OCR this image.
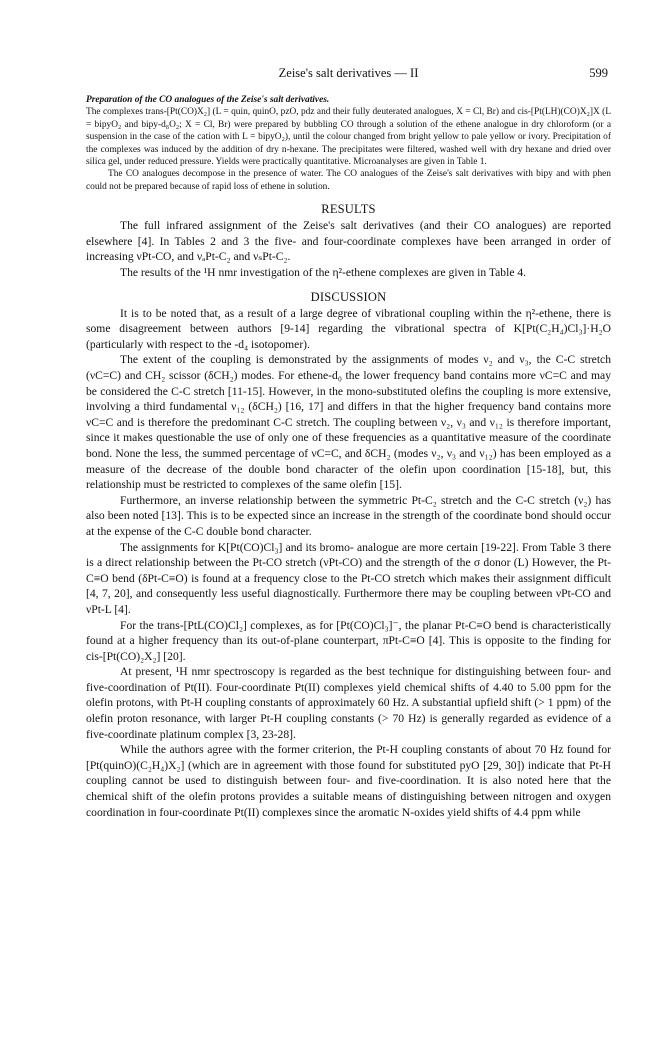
Zeise's salt derivatives — II	599

Preparation of the CO analogues of the Zeise's salt derivatives.

The complexes trans-[Pt(CO)X₂] (L = quin, quinO, pzO, pdz and their fully deuterated analogues, X = Cl, Br) and cis-[Pt(LH)(CO)X₂]X (L = bipyO₂ and bipy-d₈O₂; X = Cl, Br) were prepared by bubbling CO through a solution of the ethene analogue in dry chloroform (or a suspension in the case of the cation with L = bipyO₂), until the colour changed from bright yellow to pale yellow or ivory. Precipitation of the complexes was induced by the addition of dry n-hexane. The precipitates were filtered, washed well with dry hexane and dried over silica gel, under reduced pressure. Yields were practically quantitative. Microanalyses are given in Table 1.

The CO analogues decompose in the presence of water. The CO analogues of the Zeise's salt derivatives with bipy and with phen could not be prepared because of rapid loss of ethene in solution.

RESULTS

The full infrared assignment of the Zeise's salt derivatives (and their CO analogues) are reported elsewhere [4]. In Tables 2 and 3 the five- and four-coordinate complexes have been arranged in order of increasing νPt-CO, and νₐPt-C₂ and νₛPt-C₂.

The results of the ¹H nmr investigation of the η²-ethene complexes are given in Table 4.

DISCUSSION

It is to be noted that, as a result of a large degree of vibrational coupling within the η²-ethene, there is some disagreement between authors [9-14] regarding the vibrational spectra of K[Pt(C₂H₄)Cl₃]·H₂O (particularly with respect to the -d₄ isotopomer).

The extent of the coupling is demonstrated by the assignments of modes ν₂ and ν₃, the C-C stretch (νC=C) and CH₂ scissor (δCH₂) modes. For ethene-d₀ the lower frequency band contains more νC=C and may be considered the C-C stretch [11-15]. However, in the mono-substituted olefins the coupling is more extensive, involving a third fundamental ν₁₂ (δCH₂) [16, 17] and differs in that the higher frequency band contains more νC=C and is therefore the predominant C-C stretch. The coupling between ν₂, ν₃ and ν₁₂ is therefore important, since it makes questionable the use of only one of these frequencies as a quantitative measure of the coordinate bond. None the less, the summed percentage of νC=C, and δCH₂ (modes ν₂, ν₃ and ν₁₂) has been employed as a measure of the decrease of the double bond character of the olefin upon coordination [15-18], but, this relationship must be restricted to complexes of the same olefin [15].

Furthermore, an inverse relationship between the symmetric Pt-C₂ stretch and the C-C stretch (ν₂) has also been noted [13]. This is to be expected since an increase in the strength of the coordinate bond should occur at the expense of the C-C double bond character.

The assignments for K[Pt(CO)Cl₃] and its bromo- analogue are more certain [19-22]. From Table 3 there is a direct relationship between the Pt-CO stretch (νPt-CO) and the strength of the σ donor (L) However, the Pt-C≡O bend (δPt-C≡O) is found at a frequency close to the Pt-CO stretch which makes their assignment difficult [4, 7, 20], and consequently less useful diagnostically. Furthermore there may be coupling between νPt-CO and νPt-L [4].

For the trans-[PtL(CO)Cl₂] complexes, as for [Pt(CO)Cl₃]⁻, the planar Pt-C≡O bend is characteristically found at a higher frequency than its out-of-plane counterpart, πPt-C≡O [4]. This is opposite to the finding for cis-[Pt(CO)₂X₂] [20].

At present, ¹H nmr spectroscopy is regarded as the best technique for distinguishing between four- and five-coordination of Pt(II). Four-coordinate Pt(II) complexes yield chemical shifts of 4.40 to 5.00 ppm for the olefin protons, with Pt-H coupling constants of approximately 60 Hz. A substantial upfield shift (> 1 ppm) of the olefin proton resonance, with larger Pt-H coupling constants (> 70 Hz) is generally regarded as evidence of a five-coordinate platinum complex [3, 23-28].

While the authors agree with the former criterion, the Pt-H coupling constants of about 70 Hz found for [Pt(quinO)(C₂H₄)X₂] (which are in agreement with those found for substituted pyO [29, 30]) indicate that Pt-H coupling cannot be used to distinguish between four- and five-coordination. It is also noted here that the chemical shift of the olefin protons provides a suitable means of distinguishing between nitrogen and oxygen coordination in four-coordinate Pt(II) complexes since the aromatic N-oxides yield shifts of 4.4 ppm while
